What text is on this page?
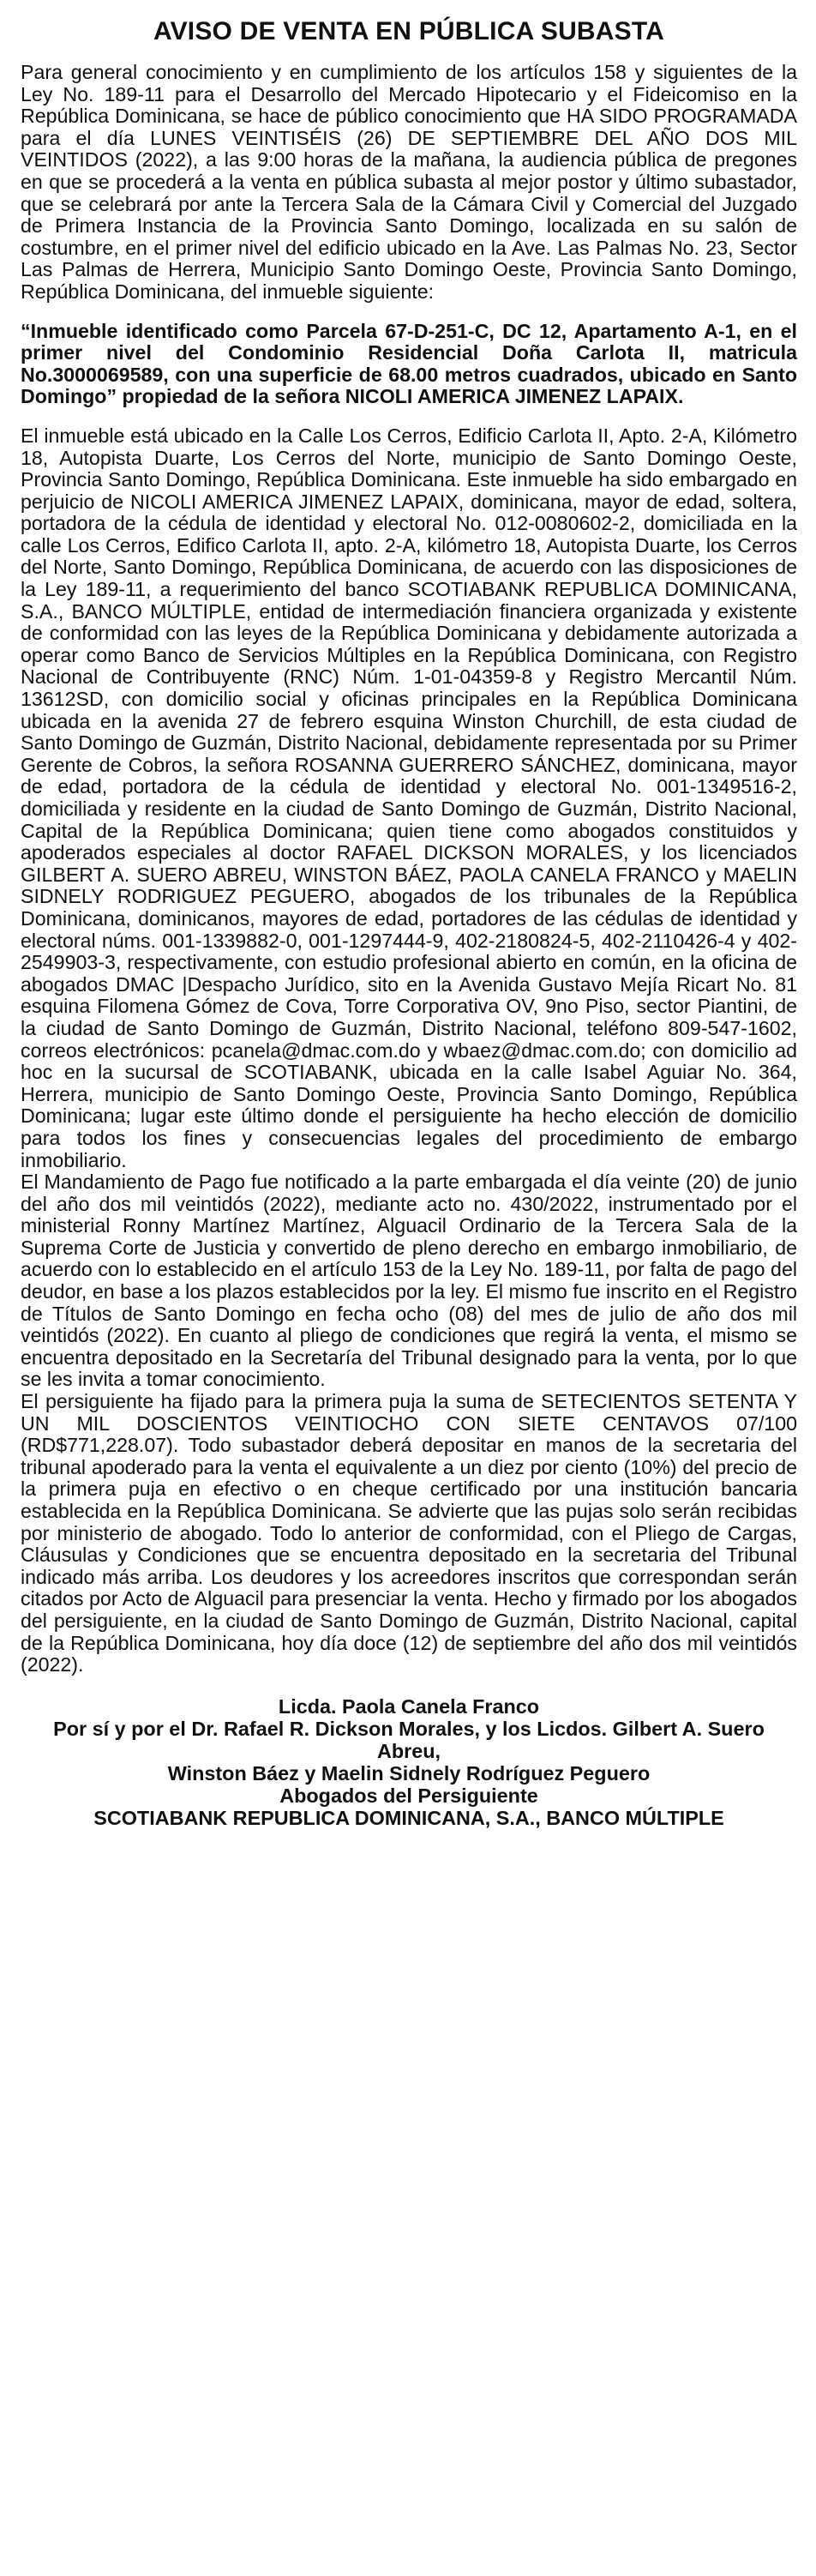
AVISO DE VENTA EN PÚBLICA SUBASTA

Para general conocimiento y en cumplimiento de los artículos 158 y siguientes de la Ley No. 189-11 para el Desarrollo del Mercado Hipotecario y el Fideicomiso en la República Dominicana, se hace de público conocimiento que HA SIDO PROGRAMADA para el día LUNES VEINTISÉIS (26) DE SEPTIEMBRE DEL AÑO DOS MIL VEINTIDOS (2022), a las 9:00 horas de la mañana, la audiencia pública de pregones en que se procederá a la venta en pública subasta al mejor postor y último subastador, que se celebrará por ante la Tercera Sala de la Cámara Civil y Comercial del Juzgado de Primera Instancia de la Provincia Santo Domingo, localizada en su salón de costumbre, en el primer nivel del edificio ubicado en la Ave. Las Palmas No. 23, Sector Las Palmas de Herrera, Municipio Santo Domingo Oeste, Provincia Santo Domingo, República Dominicana, del inmueble siguiente:

“Inmueble identificado como Parcela 67-D-251-C, DC 12, Apartamento A-1, en el primer nivel del Condominio Residencial Doña Carlota II, matricula No.3000069589, con una superficie de 68.00 metros cuadrados, ubicado en Santo Domingo” propiedad de la señora NICOLI AMERICA JIMENEZ LAPAIX.

El inmueble está ubicado en la Calle Los Cerros, Edificio Carlota II, Apto. 2-A, Kilómetro 18, Autopista Duarte, Los Cerros del Norte, municipio de Santo Domingo Oeste, Provincia Santo Domingo, República Dominicana. Este inmueble ha sido embargado en perjuicio de NICOLI AMERICA JIMENEZ LAPAIX, dominicana, mayor de edad, soltera, portadora de la cédula de identidad y electoral No. 012-0080602-2, domiciliada en la calle Los Cerros, Edifico Carlota II, apto. 2-A, kilómetro 18, Autopista Duarte, los Cerros del Norte, Santo Domingo, República Dominicana, de acuerdo con las disposiciones de la Ley 189-11, a requerimiento del banco SCOTIABANK REPUBLICA DOMINICANA, S.A., BANCO MÚLTIPLE, entidad de intermediación financiera organizada y existente de conformidad con las leyes de la República Dominicana y debidamente autorizada a operar como Banco de Servicios Múltiples en la República Dominicana, con Registro Nacional de Contribuyente (RNC) Núm. 1-01-04359-8 y Registro Mercantil Núm. 13612SD, con domicilio social y oficinas principales en la República Dominicana ubicada en la avenida 27 de febrero esquina Winston Churchill, de esta ciudad de Santo Domingo de Guzmán, Distrito Nacional, debidamente representada por su Primer Gerente de Cobros, la señora ROSANNA GUERRERO SÁNCHEZ, dominicana, mayor de edad, portadora de la cédula de identidad y electoral No. 001-1349516-2, domiciliada y residente en la ciudad de Santo Domingo de Guzmán, Distrito Nacional, Capital de la República Dominicana; quien tiene como abogados constituidos y apoderados especiales al doctor RAFAEL DICKSON MORALES, y los licenciados GILBERT A. SUERO ABREU, WINSTON BÁEZ, PAOLA CANELA FRANCO y MAELIN SIDNELY RODRIGUEZ PEGUERO, abogados de los tribunales de la República Dominicana, dominicanos, mayores de edad, portadores de las cédulas de identidad y electoral núms. 001-1339882-0, 001-1297444-9, 402-2180824-5, 402-2110426-4 y 402-2549903-3, respectivamente, con estudio profesional abierto en común, en la oficina de abogados DMAC |Despacho Jurídico, sito en la Avenida Gustavo Mejía Ricart No. 81 esquina Filomena Gómez de Cova, Torre Corporativa OV, 9no Piso, sector Piantini, de la ciudad de Santo Domingo de Guzmán, Distrito Nacional, teléfono 809-547-1602, correos electrónicos: pcanela@dmac.com.do y wbaez@dmac.com.do; con domicilio ad hoc en la sucursal de SCOTIABANK, ubicada en la calle Isabel Aguiar No. 364, Herrera, municipio de Santo Domingo Oeste, Provincia Santo Domingo, República Dominicana; lugar este último donde el persiguiente ha hecho elección de domicilio para todos los fines y consecuencias legales del procedimiento de embargo inmobiliario.

El Mandamiento de Pago fue notificado a la parte embargada el día veinte (20) de junio del año dos mil veintidós (2022), mediante acto no. 430/2022, instrumentado por el ministerial Ronny Martínez Martínez, Alguacil Ordinario de la Tercera Sala de la Suprema Corte de Justicia y convertido de pleno derecho en embargo inmobiliario, de acuerdo con lo establecido en el artículo 153 de la Ley No. 189-11, por falta de pago del deudor, en base a los plazos establecidos por la ley. El mismo fue inscrito en el Registro de Títulos de Santo Domingo en fecha ocho (08) del mes de julio de año dos mil veintidós (2022). En cuanto al pliego de condiciones que regirá la venta, el mismo se encuentra depositado en la Secretaría del Tribunal designado para la venta, por lo que se les invita a tomar conocimiento.

El persiguiente ha fijado para la primera puja la suma de SETECIENTOS SETENTA Y UN MIL DOSCIENTOS VEINTIOCHO CON SIETE CENTAVOS 07/100 (RD$771,228.07). Todo subastador deberá depositar en manos de la secretaria del tribunal apoderado para la venta el equivalente a un diez por ciento (10%) del precio de la primera puja en efectivo o en cheque certificado por una institución bancaria establecida en la República Dominicana. Se advierte que las pujas solo serán recibidas por ministerio de abogado. Todo lo anterior de conformidad, con el Pliego de Cargas, Cláusulas y Condiciones que se encuentra depositado en la secretaria del Tribunal indicado más arriba. Los deudores y los acreedores inscritos que correspondan serán citados por Acto de Alguacil para presenciar la venta. Hecho y firmado por los abogados del persiguiente, en la ciudad de Santo Domingo de Guzmán, Distrito Nacional, capital de la República Dominicana, hoy día doce (12) de septiembre del año dos mil veintidós (2022).

Licda. Paola Canela Franco
Por sí y por el Dr. Rafael R. Dickson Morales, y los Licdos. Gilbert A. Suero Abreu,
Winston Báez y Maelin Sidnely Rodríguez Peguero
Abogados del Persiguiente
SCOTIABANK REPUBLICA DOMINICANA, S.A., BANCO MÚLTIPLE
